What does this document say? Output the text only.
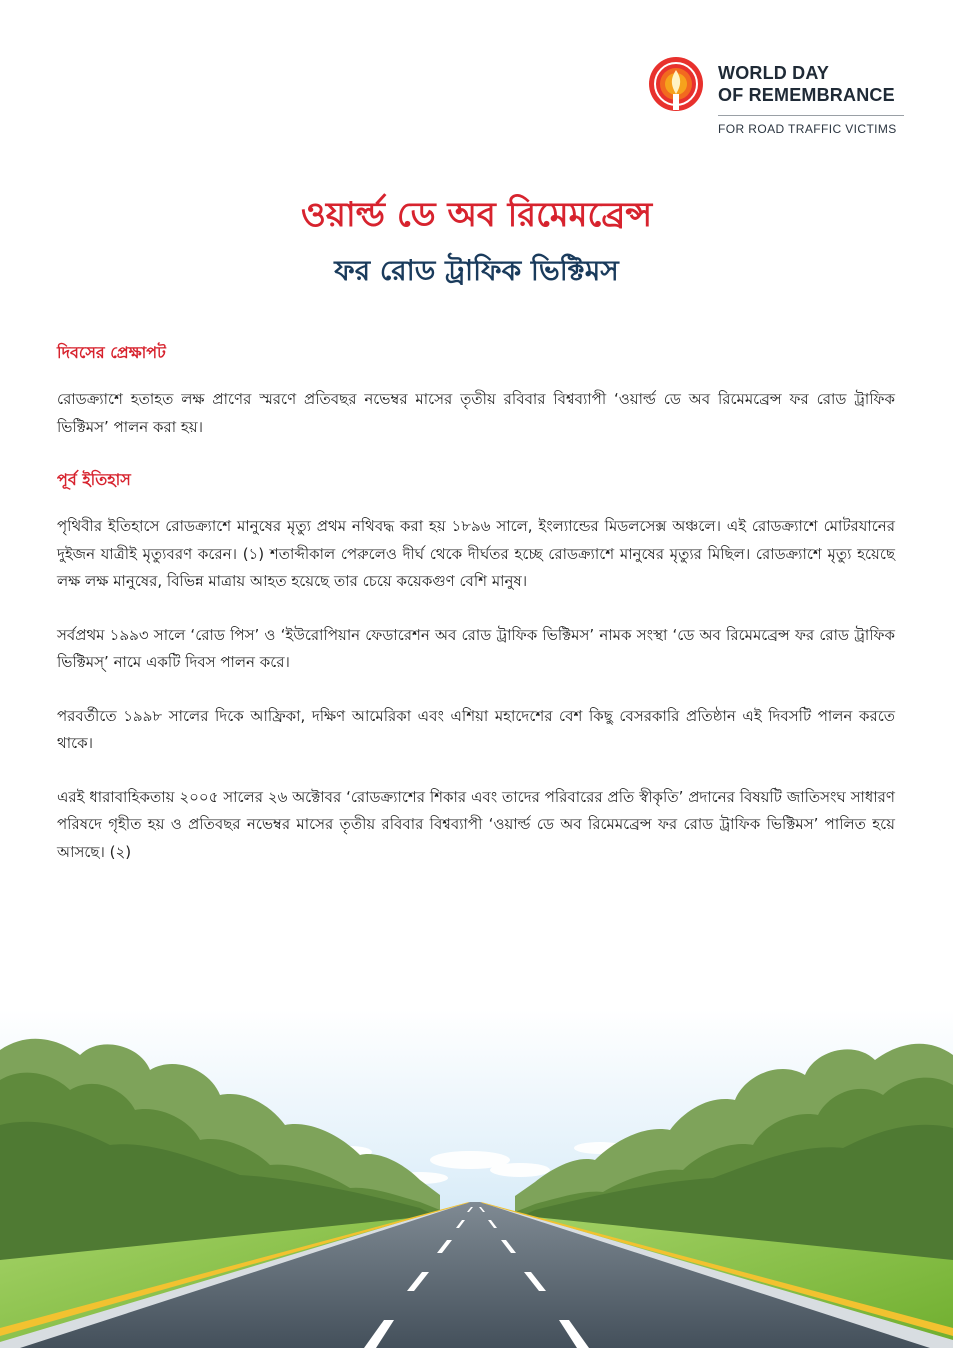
WORLD DAY
OF REMEMBRANCE
FOR ROAD TRAFFIC VICTIMS
ওয়ার্ল্ড ডে অব রিমেমব্রেন্স
ফর রোড ট্রাফিক ভিক্টিমস
দিবসের প্রেক্ষাপট

রোডক্র্যাশে হতাহত লক্ষ প্রাণের স্মরণে প্রতিবছর নভেম্বর মাসের তৃতীয় রবিবার বিশ্বব্যাপী ‘ওয়ার্ল্ড ডে অব রিমেমব্রেন্স ফর রোড ট্রাফিক ভিক্টিমস’ পালন করা হয়।

পূর্ব ইতিহাস

পৃথিবীর ইতিহাসে রোডক্র্যাশে মানুষের মৃত্যু প্রথম নথিবদ্ধ করা হয় ১৮৯৬ সালে, ইংল্যান্ডের মিডলসেক্স অঞ্চলে। এই রোডক্র্যাশে মোটরযানের দুইজন যাত্রীই মৃত্যুবরণ করেন। (১) শতাব্দীকাল পেরুলেও দীর্ঘ থেকে দীর্ঘতর হচ্ছে রোডক্র্যাশে মানুষের মৃত্যুর মিছিল। রোডক্র্যাশে মৃত্যু হয়েছে লক্ষ লক্ষ মানুষের, বিভিন্ন মাত্রায় আহত হয়েছে তার চেয়ে কয়েকগুণ বেশি মানুষ।

সর্বপ্রথম ১৯৯৩ সালে ‘রোড পিস’ ও ‘ইউরোপিয়ান ফেডারেশন অব রোড ট্রাফিক ভিক্টিমস’ নামক সংস্থা ‘ডে অব রিমেমব্রেন্স ফর রোড ট্রাফিক ভিক্টিমস্’ নামে একটি দিবস পালন করে।

পরবর্তীতে ১৯৯৮ সালের দিকে আফ্রিকা, দক্ষিণ আমেরিকা এবং এশিয়া মহাদেশের বেশ কিছু বেসরকারি প্রতিষ্ঠান এই দিবসটি পালন করতে থাকে।

এরই ধারাবাহিকতায় ২০০৫ সালের ২৬ অক্টোবর ‘রোডক্র্যাশের শিকার এবং তাদের পরিবারের প্রতি স্বীকৃতি’ প্রদানের বিষয়টি জাতিসংঘ সাধারণ পরিষদে গৃহীত হয় ও প্রতিবছর নভেম্বর মাসের তৃতীয় রবিবার বিশ্বব্যাপী ‘ওয়ার্ল্ড ডে অব রিমেমব্রেন্স ফর রোড ট্রাফিক ভিক্টিমস’ পালিত হয়ে আসছে। (২)
